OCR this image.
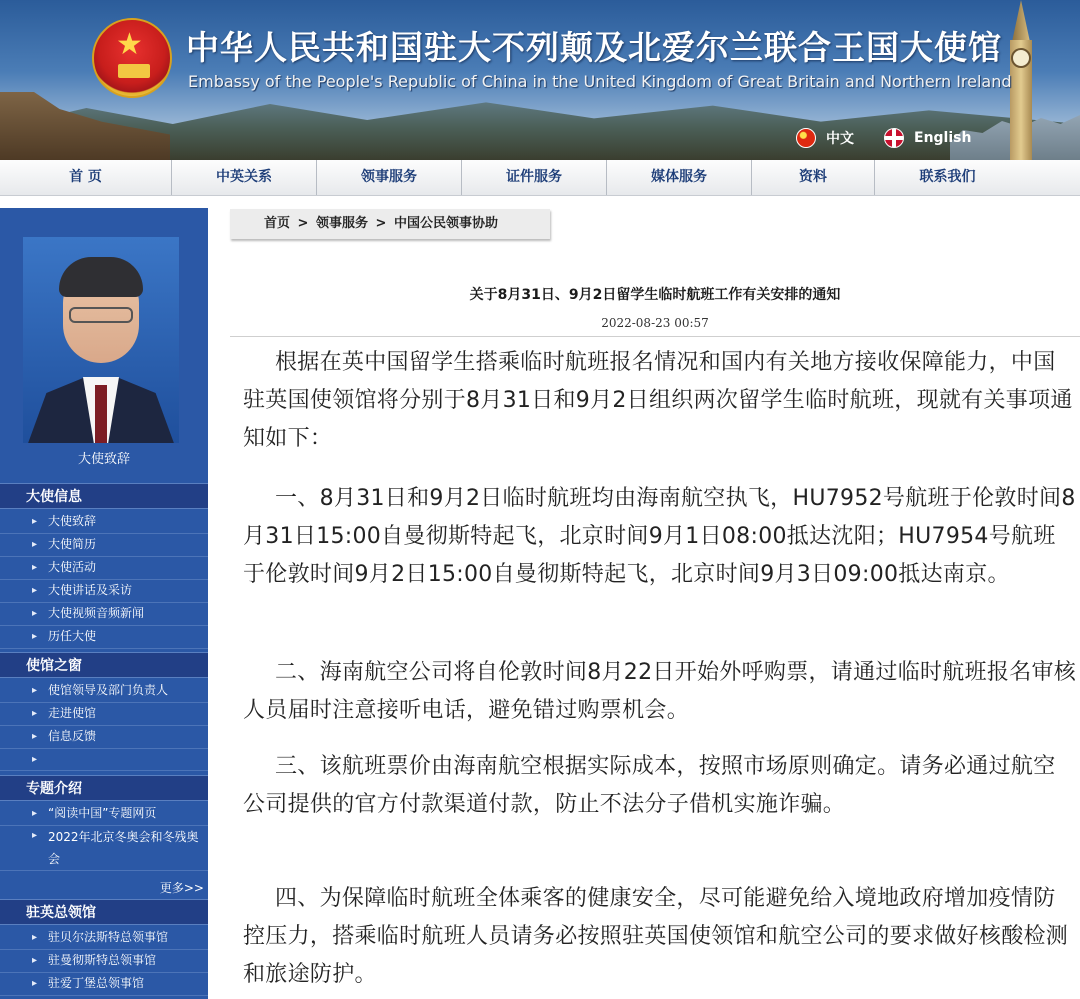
★ 中华人民共和国驻大不列颠及北爱尔兰联合王国大使馆
Embassy of the People's Republic of China in the United Kingdom of Great Britain and Northern Ireland
中文	English
首 页	中英关系	领事服务	证件服务	媒体服务	资料	联系我们
大使致辞
大使信息
▸ 大使致辞
▸ 大使简历
▸ 大使活动
▸ 大使讲话及采访
▸ 大使视频音频新闻
▸ 历任大使
使馆之窗
▸ 使馆领导及部门负责人
▸ 走进使馆
▸ 信息反馈
▸
专题介绍
▸ “阅读中国”专题网页
▸ 2022年北京冬奥会和冬残奥会
更多>>
驻英总领馆
▸ 驻贝尔法斯特总领事馆
▸ 驻曼彻斯特总领事馆
▸ 驻爱丁堡总领事馆
首页 > 领事服务 > 中国公民领事协助
关于8月31日、9月2日留学生临时航班工作有关安排的通知
2022-08-23 00:57
根据在英中国留学生搭乘临时航班报名情况和国内有关地方接收保障能力，中国驻英国使领馆将分别于8月31日和9月2日组织两次留学生临时航班，现就有关事项通知如下：
一、8月31日和9月2日临时航班均由海南航空执飞，HU7952号航班于伦敦时间8月31日15:00自曼彻斯特起飞，北京时间9月1日08:00抵达沈阳；HU7954号航班于伦敦时间9月2日15:00自曼彻斯特起飞，北京时间9月3日09:00抵达南京。
二、海南航空公司将自伦敦时间8月22日开始外呼购票，请通过临时航班报名审核人员届时注意接听电话，避免错过购票机会。
三、该航班票价由海南航空根据实际成本，按照市场原则确定。请务必通过航空公司提供的官方付款渠道付款，防止不法分子借机实施诈骗。
四、为保障临时航班全体乘客的健康安全，尽可能避免给入境地政府增加疫情防控压力，搭乘临时航班人员请务必按照驻英国使领馆和航空公司的要求做好核酸检测和旅途防护。
